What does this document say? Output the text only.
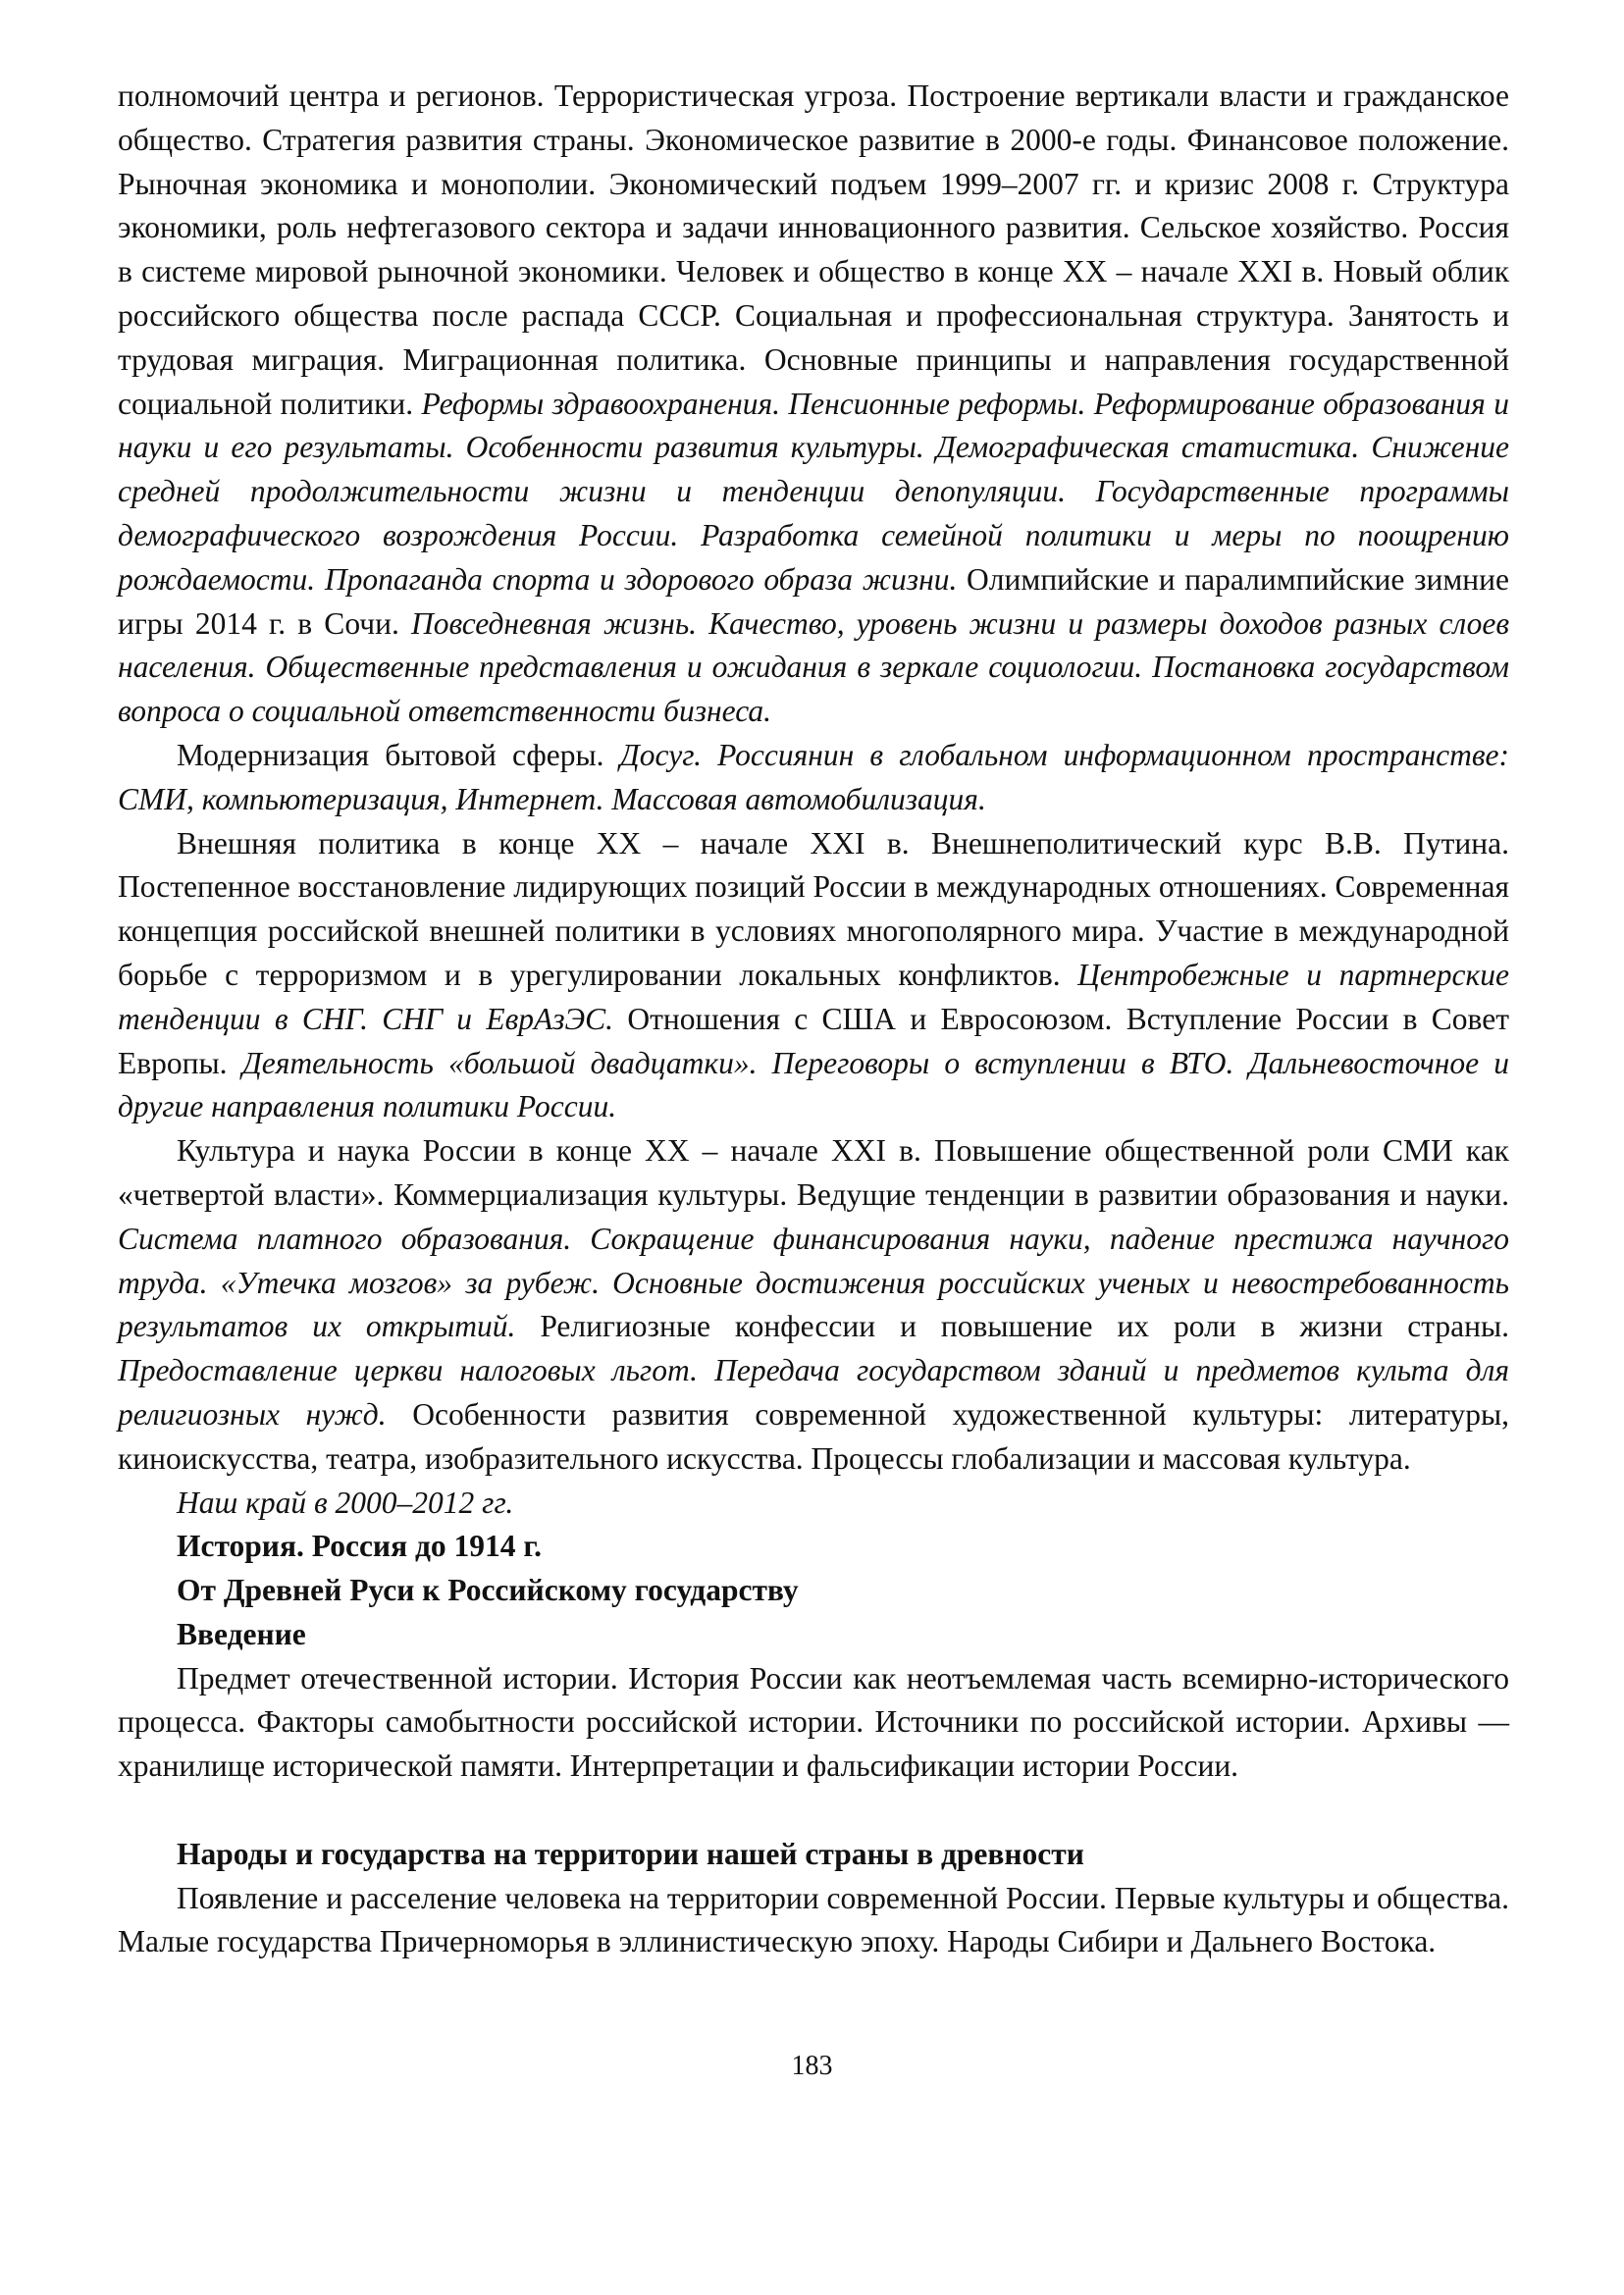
полномочий центра и регионов. Террористическая угроза. Построение вертикали власти и гражданское общество. Стратегия развития страны. Экономическое развитие в 2000-е годы. Финансовое положение. Рыночная экономика и монополии. Экономический подъем 1999–2007 гг. и кризис 2008 г. Структура экономики, роль нефтегазового сектора и задачи инновационного развития. Сельское хозяйство. Россия в системе мировой рыночной экономики. Человек и общество в конце XX – начале XXI в. Новый облик российского общества после распада СССР. Социальная и профессиональная структура. Занятость и трудовая миграция. Миграционная политика. Основные принципы и направления государственной социальной политики. Реформы здравоохранения. Пенсионные реформы. Реформирование образования и науки и его результаты. Особенности развития культуры. Демографическая статистика. Снижение средней продолжительности жизни и тенденции депопуляции. Государственные программы демографического возрождения России. Разработка семейной политики и меры по поощрению рождаемости. Пропаганда спорта и здорового образа жизни. Олимпийские и паралимпийские зимние игры 2014 г. в Сочи. Повседневная жизнь. Качество, уровень жизни и размеры доходов разных слоев населения. Общественные представления и ожидания в зеркале социологии. Постановка государством вопроса о социальной ответственности бизнеса.

Модернизация бытовой сферы. Досуг. Россиянин в глобальном информационном пространстве: СМИ, компьютеризация, Интернет. Массовая автомобилизация.

Внешняя политика в конце XX – начале XXI в. Внешнеполитический курс В.В. Путина. Постепенное восстановление лидирующих позиций России в международных отношениях. Современная концепция российской внешней политики в условиях многополярного мира. Участие в международной борьбе с терроризмом и в урегулировании локальных конфликтов. Центробежные и партнерские тенденции в СНГ. СНГ и ЕврАзЭС. Отношения с США и Евросоюзом. Вступление России в Совет Европы. Деятельность «большой двадцатки». Переговоры о вступлении в ВТО. Дальневосточное и другие направления политики России.

Культура и наука России в конце XX – начале XXI в. Повышение общественной роли СМИ как «четвертой власти». Коммерциализация культуры. Ведущие тенденции в развитии образования и науки. Система платного образования. Сокращение финансирования науки, падение престижа научного труда. «Утечка мозгов» за рубеж. Основные достижения российских ученых и невостребованность результатов их открытий. Религиозные конфессии и повышение их роли в жизни страны. Предоставление церкви налоговых льгот. Передача государством зданий и предметов культа для религиозных нужд. Особенности развития современной художественной культуры: литературы, киноискусства, театра, изобразительного искусства. Процессы глобализации и массовая культура.

Наш край в 2000–2012 гг.

История. Россия до 1914 г.

От Древней Руси к Российскому государству

Введение

Предмет отечественной истории. История России как неотъемлемая часть всемирно-исторического процесса. Факторы самобытности российской истории. Источники по российской истории. Архивы — хранилище исторической памяти. Интерпретации и фальсификации истории России.

Народы и государства на территории нашей страны в древности

Появление и расселение человека на территории современной России. Первые культуры и общества. Малые государства Причерноморья в эллинистическую эпоху. Народы Сибири и Дальнего Востока.

183
